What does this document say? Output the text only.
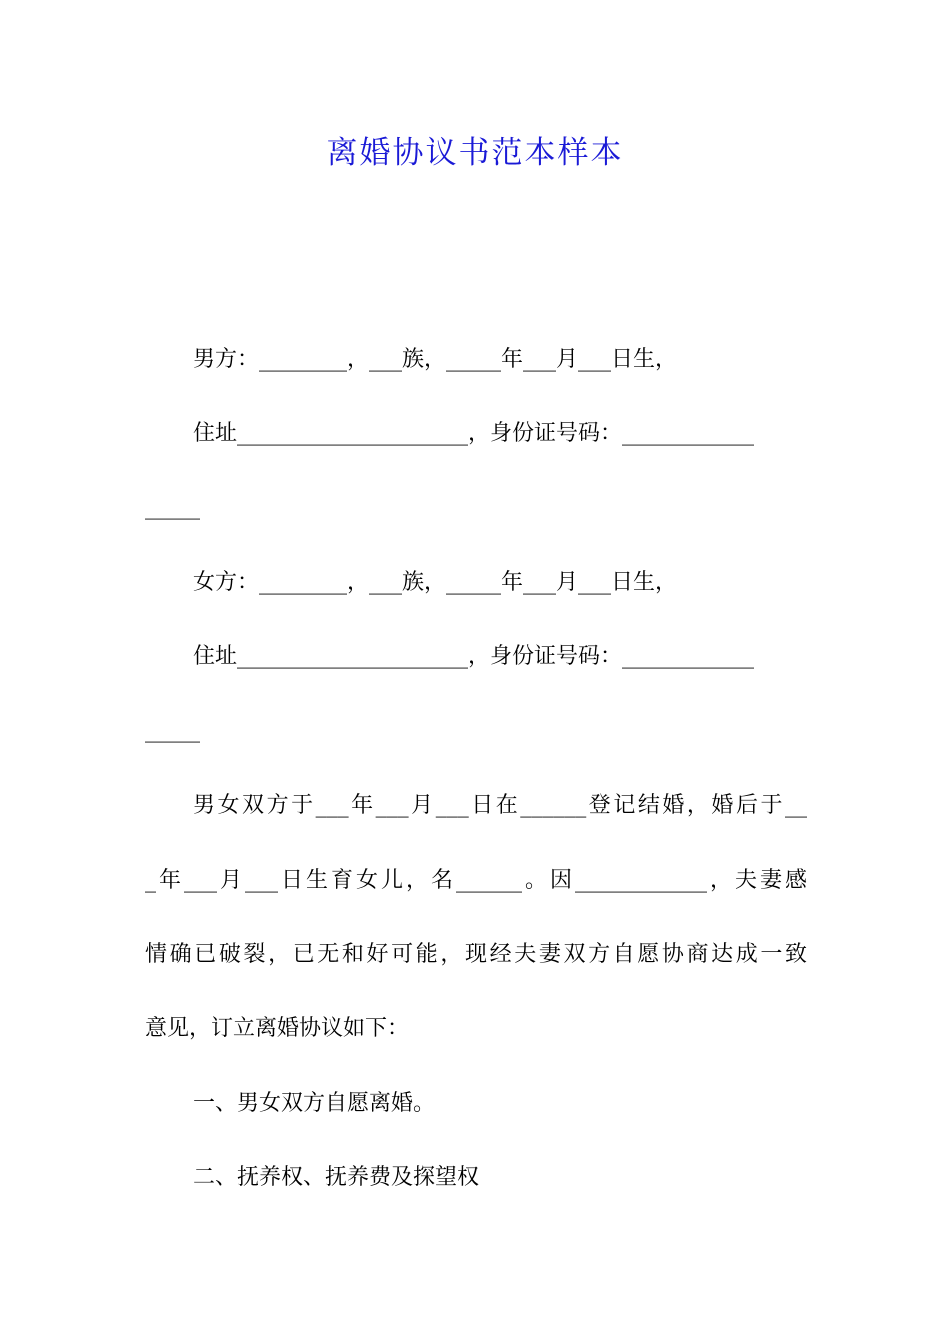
离婚协议书范本样本

男方：________，___族，_____年___月___日生，

住址_____________________，身份证号码：____________

_____

女方：________，___族，_____年___月___日生，

住址_____________________，身份证号码：____________

_____

男女双方于___年___月___日在______登记结婚，婚后于__

_年___月___日生育女儿，名______。因____________，夫妻感

情确已破裂，已无和好可能，现经夫妻双方自愿协商达成一致

意见，订立离婚协议如下：

一、男女双方自愿离婚。

二、抚养权、抚养费及探望权
